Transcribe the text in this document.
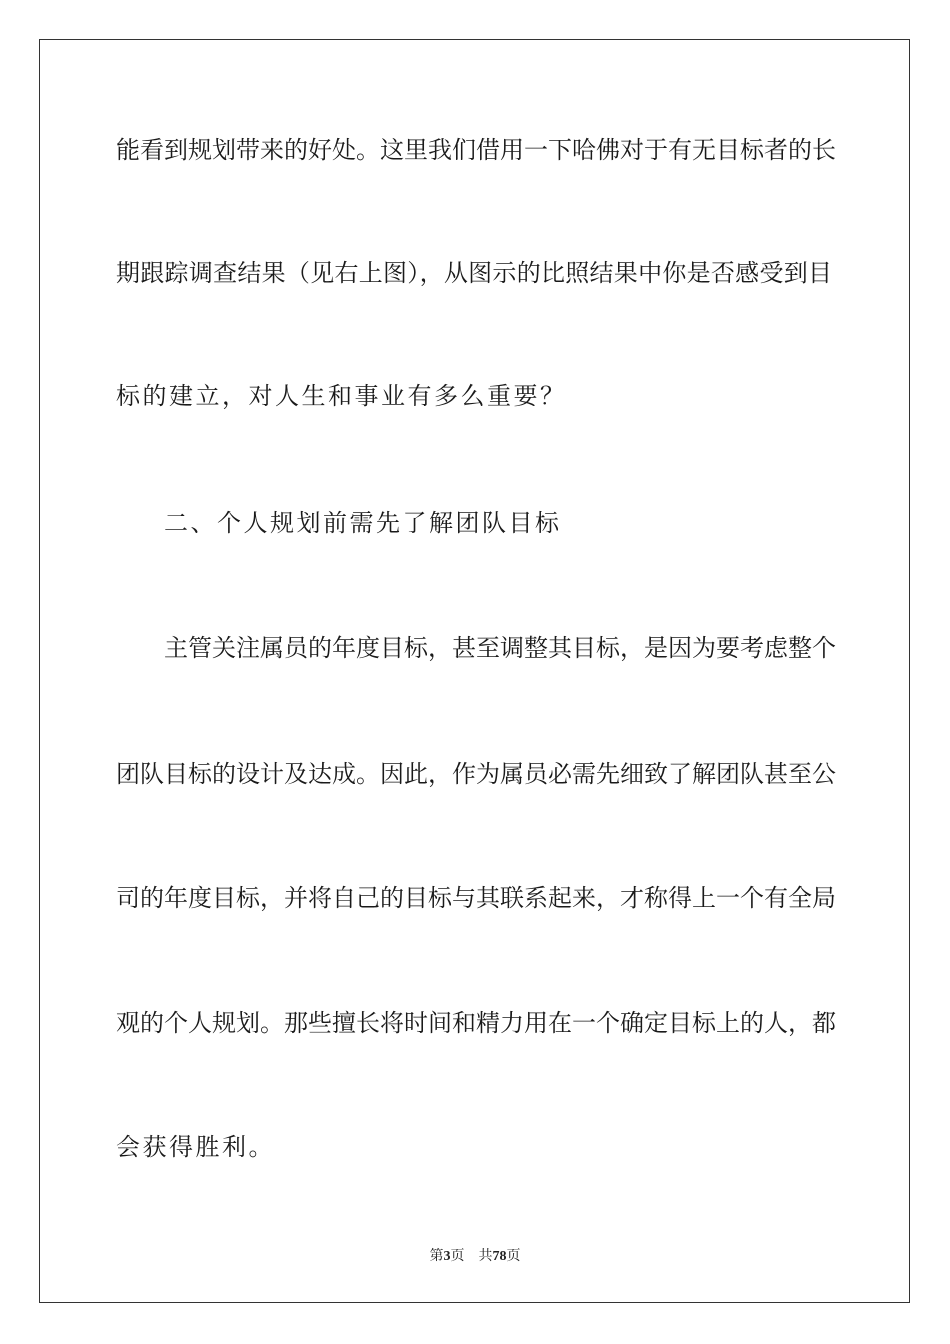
能看到规划带来的好处。这里我们借用一下哈佛对于有无目标者的长
期跟踪调查结果（见右上图），从图示的比照结果中你是否感受到目
标的建立，对人生和事业有多么重要？
二、个人规划前需先了解团队目标
主管关注属员的年度目标，甚至调整其目标，是因为要考虑整个
团队目标的设计及达成。因此，作为属员必需先细致了解团队甚至公
司的年度目标，并将自己的目标与其联系起来，才称得上一个有全局
观的个人规划。那些擅长将时间和精力用在一个确定目标上的人，都
会获得胜利。
第3页 共78页
